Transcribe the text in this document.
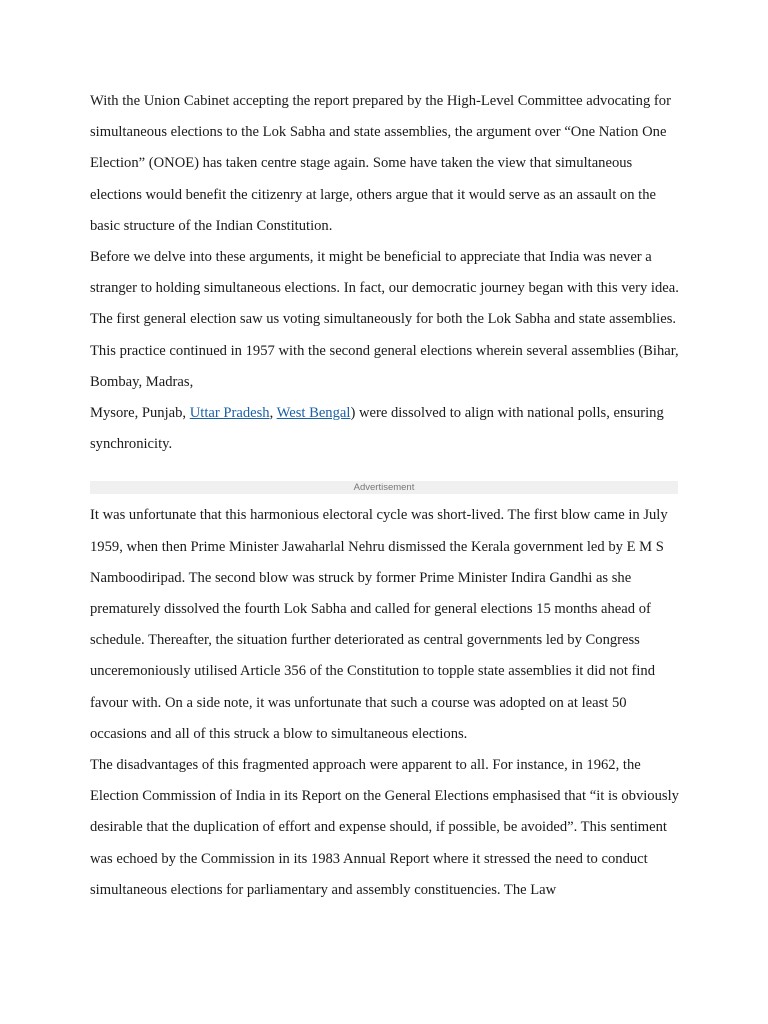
With the Union Cabinet accepting the report prepared by the High-Level Committee advocating for simultaneous elections to the Lok Sabha and state assemblies, the argument over “One Nation One Election” (ONOE) has taken centre stage again. Some have taken the view that simultaneous elections would benefit the citizenry at large, others argue that it would serve as an assault on the basic structure of the Indian Constitution.

Before we delve into these arguments, it might be beneficial to appreciate that India was never a stranger to holding simultaneous elections. In fact, our democratic journey began with this very idea. The first general election saw us voting simultaneously for both the Lok Sabha and state assemblies. This practice continued in 1957 with the second general elections wherein several assemblies (Bihar, Bombay, Madras,

Mysore, Punjab, Uttar Pradesh, West Bengal) were dissolved to align with national polls, ensuring synchronicity.

Advertisement

It was unfortunate that this harmonious electoral cycle was short-lived. The first blow came in July 1959, when then Prime Minister Jawaharlal Nehru dismissed the Kerala government led by E M S Namboodiripad. The second blow was struck by former Prime Minister Indira Gandhi as she prematurely dissolved the fourth Lok Sabha and called for general elections 15 months ahead of schedule. Thereafter, the situation further deteriorated as central governments led by Congress unceremoniously utilised Article 356 of the Constitution to topple state assemblies it did not find favour with. On a side note, it was unfortunate that such a course was adopted on at least 50 occasions and all of this struck a blow to simultaneous elections.

The disadvantages of this fragmented approach were apparent to all. For instance, in 1962, the Election Commission of India in its Report on the General Elections emphasised that “it is obviously desirable that the duplication of effort and expense should, if possible, be avoided”. This sentiment was echoed by the Commission in its 1983 Annual Report where it stressed the need to conduct simultaneous elections for parliamentary and assembly constituencies. The Law
